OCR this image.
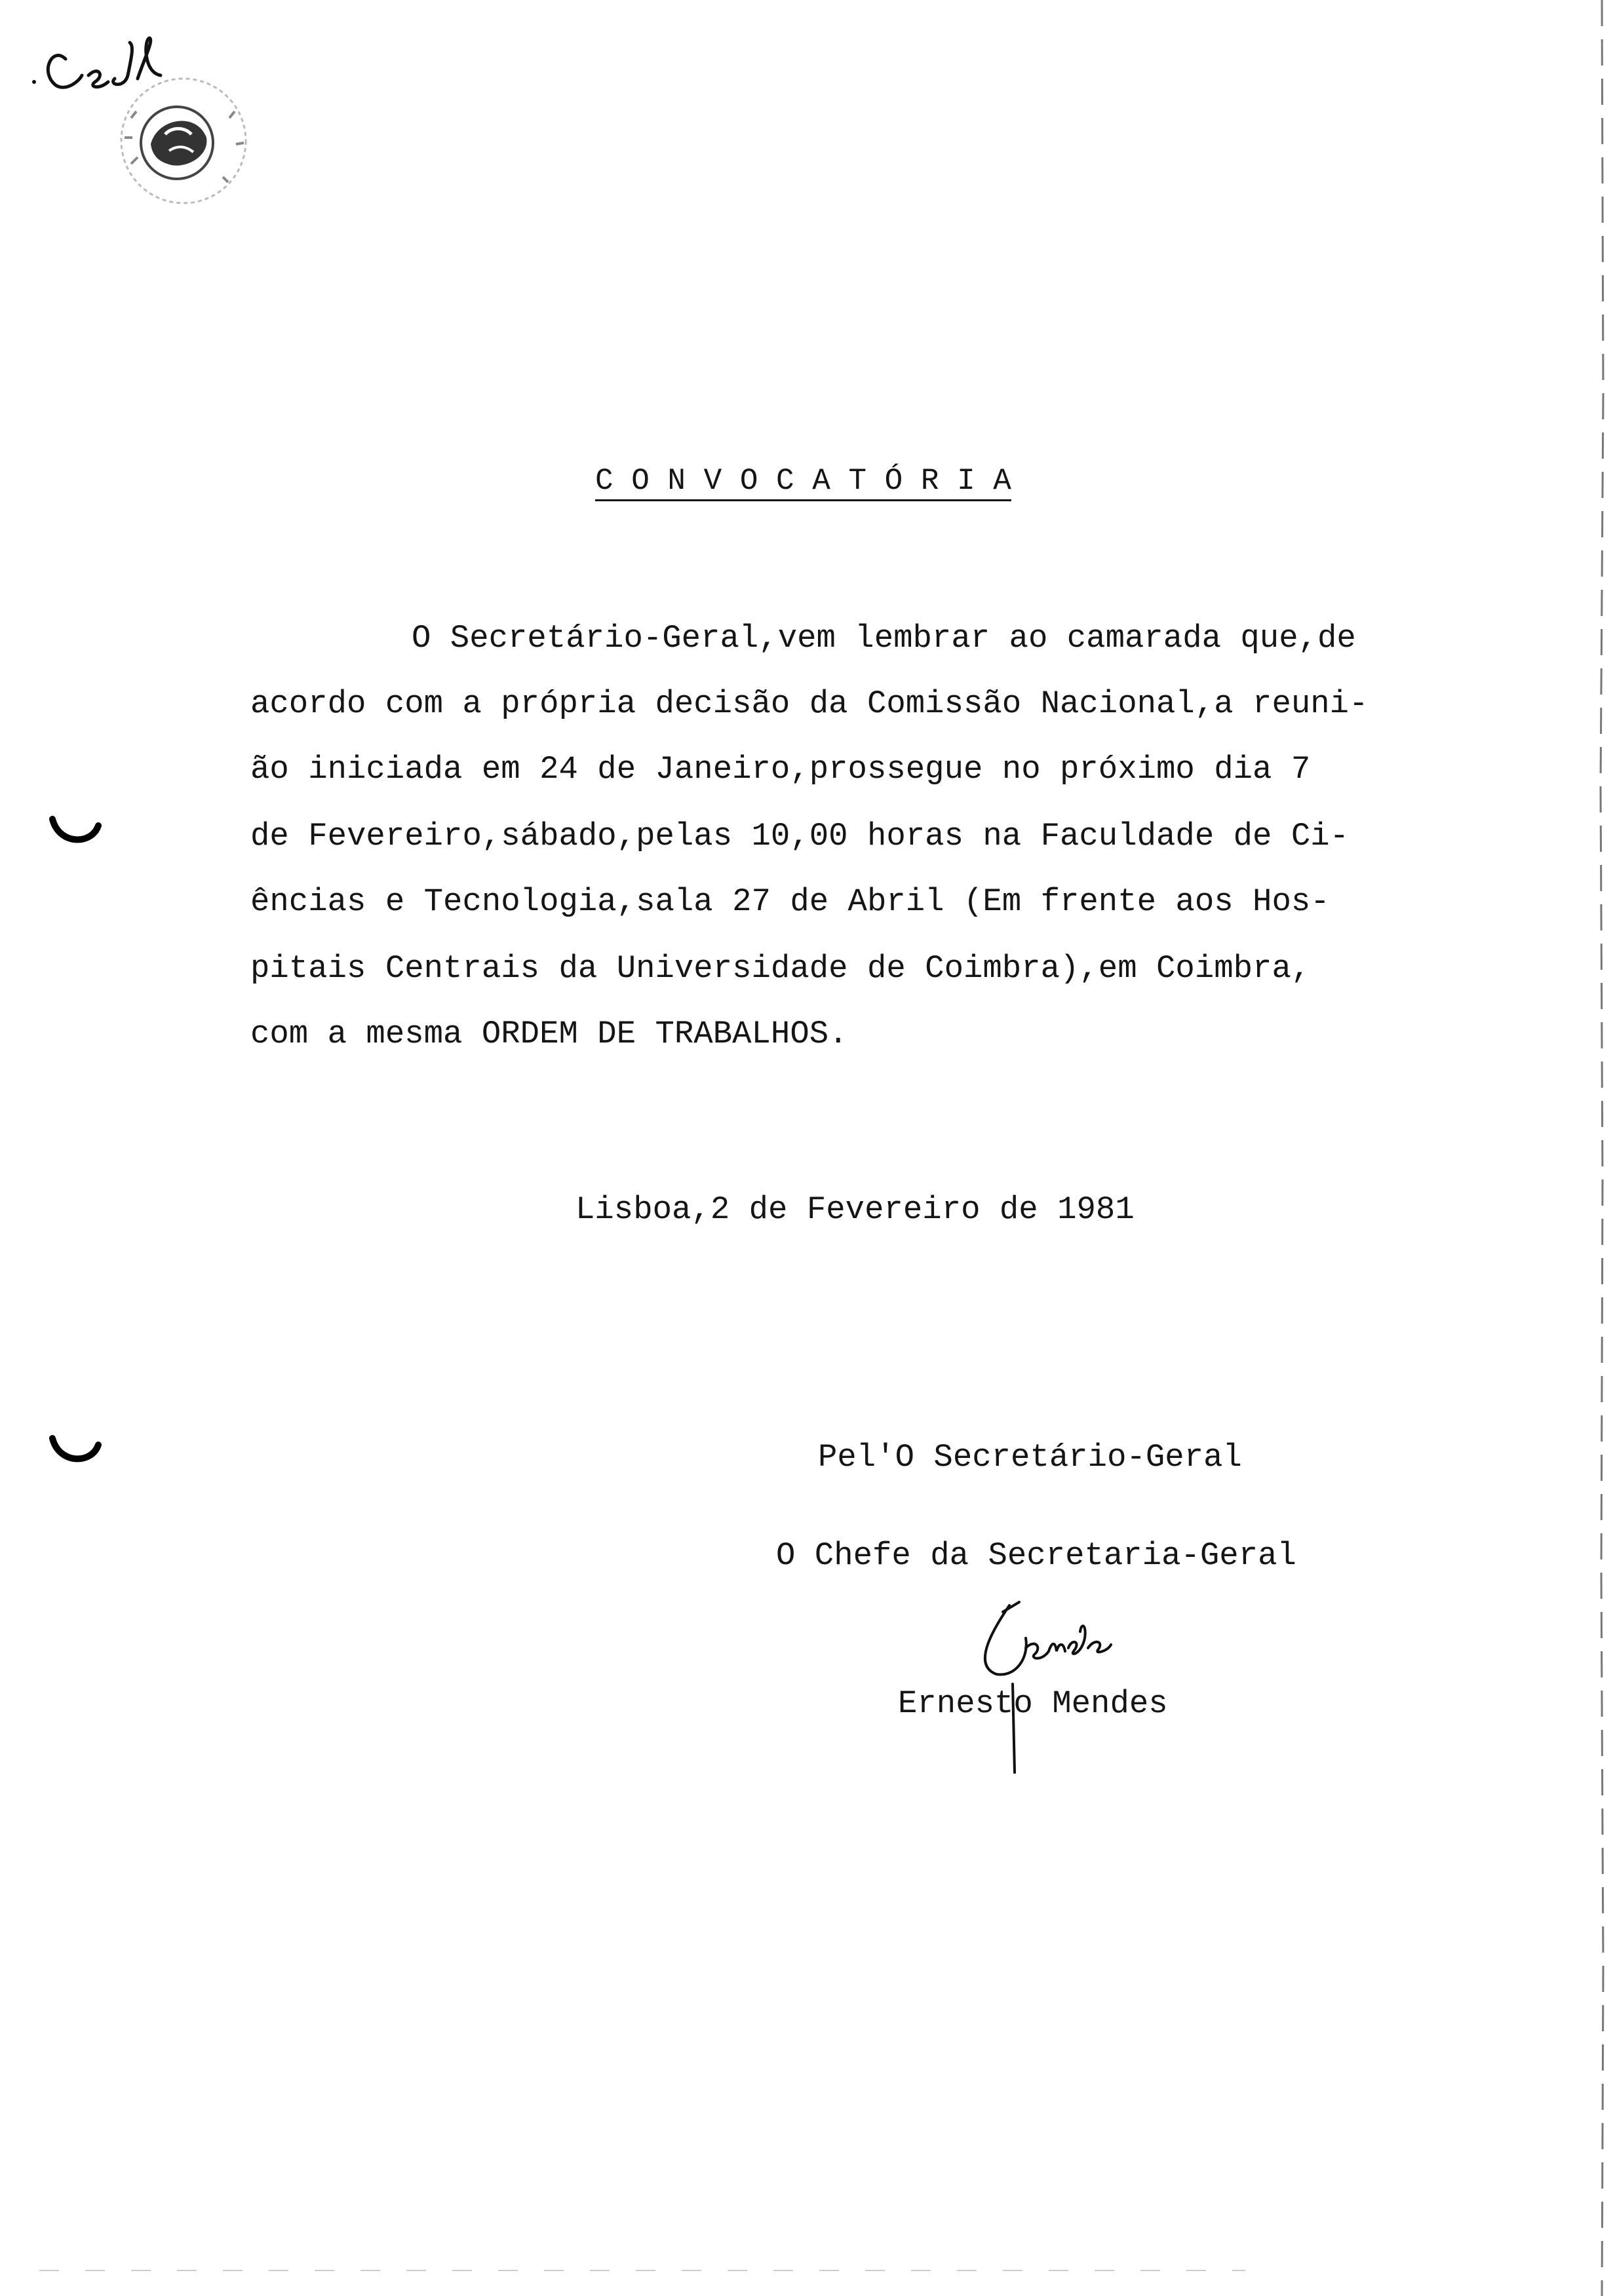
C O N V O C A T Ó R I A
O Secretário-Geral,vem lembrar ao camarada que,de
acordo com a própria decisão da Comissão Nacional,a reuni-
ão iniciada em 24 de Janeiro,prossegue no próximo dia 7
de Fevereiro,sábado,pelas 10,00 horas na Faculdade de Ci-
ências e Tecnologia,sala 27 de Abril (Em frente aos Hos-
pitais Centrais da Universidade de Coimbra),em Coimbra,
com a mesma ORDEM DE TRABALHOS.
Lisboa,2 de Fevereiro de 1981
Pel'O Secretário-Geral
O Chefe da Secretaria-Geral
Ernesto Mendes
